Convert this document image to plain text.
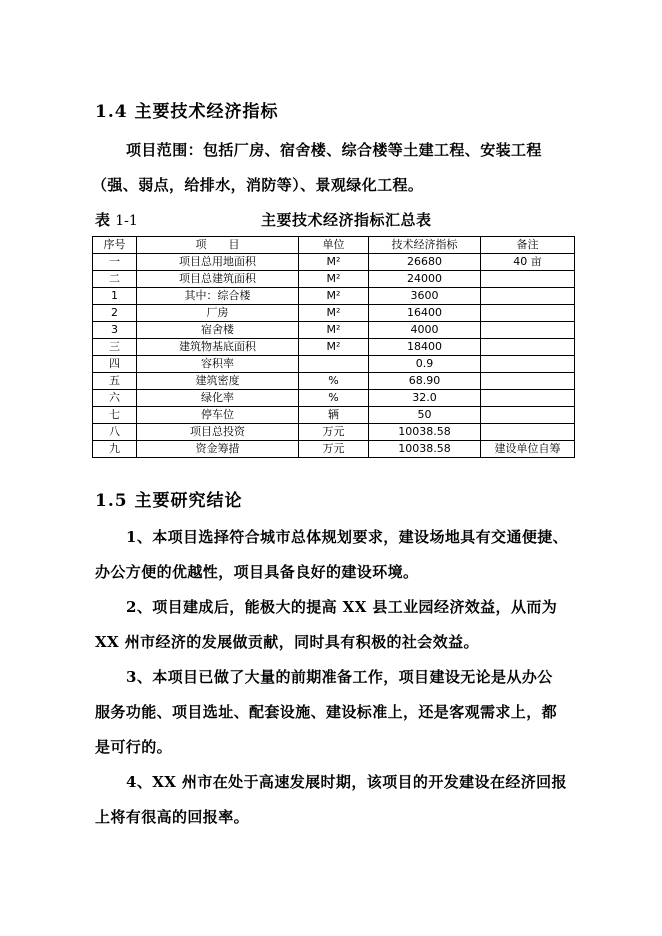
1.4 主要技术经济指标
项目范围：包括厂房、宿舍楼、综合楼等土建工程、安装工程
（强、弱点，给排水，消防等）、景观绿化工程。
表 1-1	主要技术经济指标汇总表
序号	项　　目	单位	技术经济指标	备注
一	项目总用地面积	M²	26680	40 亩
二	项目总建筑面积	M²	24000	
1	其中：综合楼	M²	3600	
2	厂房	M²	16400	
3	宿舍楼	M²	4000	
三	建筑物基底面积	M²	18400	
四	容积率		0.9	
五	建筑密度	%	68.90	
六	绿化率	%	32.0	
七	停车位	辆	50	
八	项目总投资	万元	10038.58	
九	资金筹措	万元	10038.58	建设单位自筹
1.5 主要研究结论
1、本项目选择符合城市总体规划要求，建设场地具有交通便捷、
办公方便的优越性，项目具备良好的建设环境。
2、项目建成后，能极大的提高 XX 县工业园经济效益，从而为
XX 州市经济的发展做贡献，同时具有积极的社会效益。
3、本项目已做了大量的前期准备工作，项目建设无论是从办公
服务功能、项目选址、配套设施、建设标准上，还是客观需求上，都
是可行的。
4、XX 州市在处于高速发展时期，该项目的开发建设在经济回报
上将有很高的回报率。
